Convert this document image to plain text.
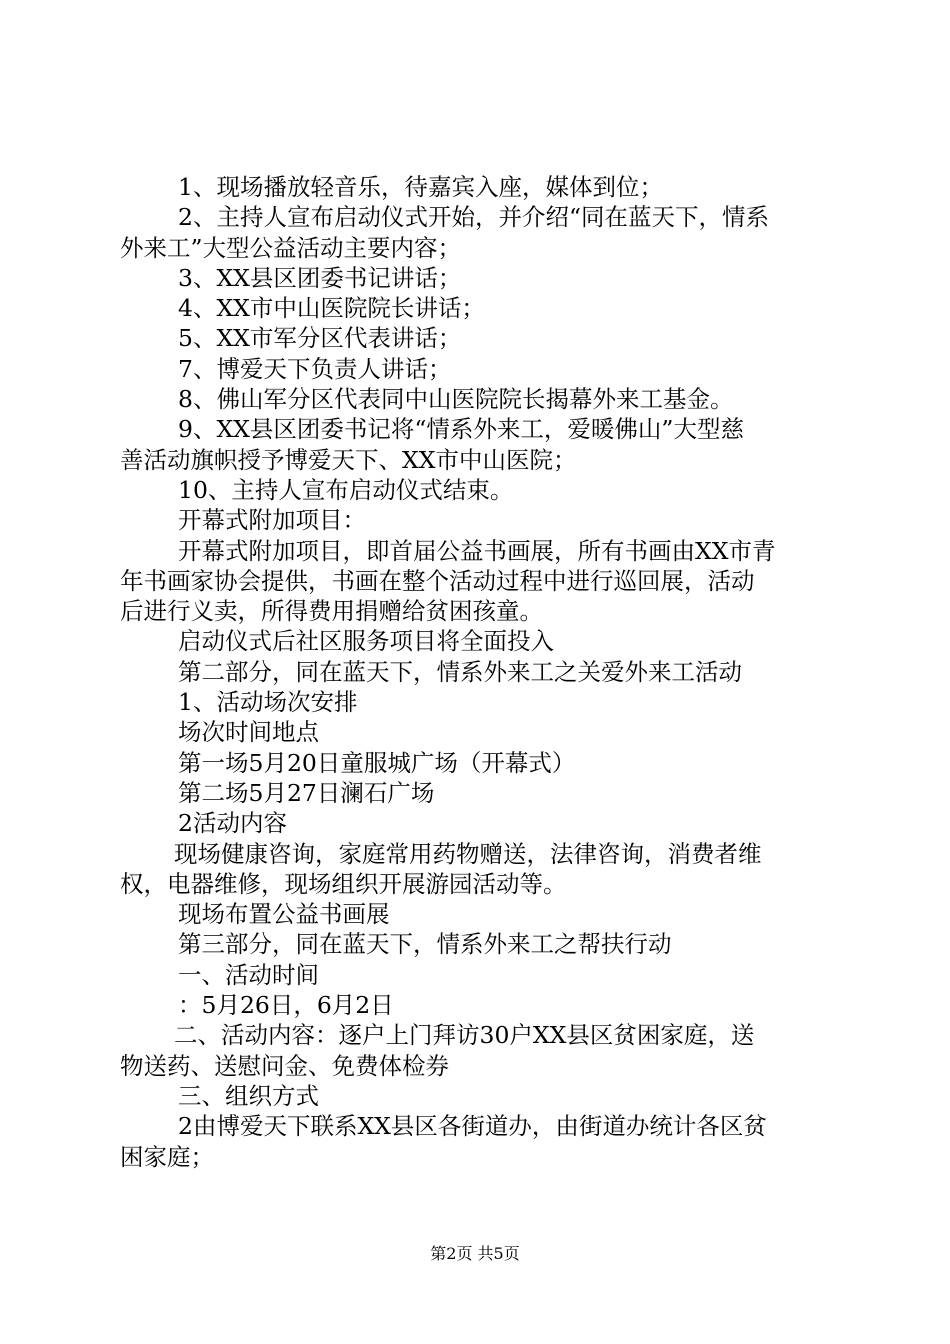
1、现场播放轻音乐，待嘉宾入座，媒体到位；
2、主持人宣布启动仪式开始，并介绍“同在蓝天下，情系
外来工”大型公益活动主要内容；
3、XX县区团委书记讲话；
4、XX市中山医院院长讲话；
5、XX市军分区代表讲话；
7、博爱天下负责人讲话；
8、佛山军分区代表同中山医院院长揭幕外来工基金。
9、XX县区团委书记将“情系外来工，爱暖佛山”大型慈
善活动旗帜授予博爱天下、XX市中山医院；
10、主持人宣布启动仪式结束。
开幕式附加项目：
开幕式附加项目，即首届公益书画展，所有书画由XX市青
年书画家协会提供，书画在整个活动过程中进行巡回展，活动
后进行义卖，所得费用捐赠给贫困孩童。
启动仪式后社区服务项目将全面投入
第二部分，同在蓝天下，情系外来工之关爱外来工活动
1、活动场次安排
场次时间地点
第一场5月20日童服城广场（开幕式）
第二场5月27日澜石广场
2活动内容
现场健康咨询，家庭常用药物赠送，法律咨询，消费者维
权，电器维修，现场组织开展游园活动等。
现场布置公益书画展
第三部分，同在蓝天下，情系外来工之帮扶行动
一、活动时间
：5月26日，6月2日
二、活动内容：逐户上门拜访30户XX县区贫困家庭，送
物送药、送慰问金、免费体检券
三、组织方式
2由博爱天下联系XX县区各街道办，由街道办统计各区贫
困家庭；
第2页 共5页
